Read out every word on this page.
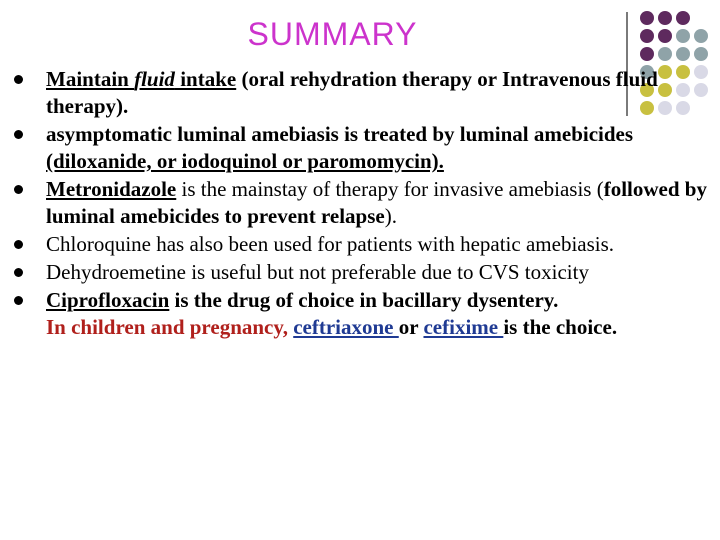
SUMMARY
Maintain fluid intake (oral rehydration therapy or Intravenous fluid therapy).
asymptomatic luminal amebiasis is treated by luminal amebicides (diloxanide, or iodoquinol or paromomycin).
Metronidazole is the mainstay of therapy for invasive amebiasis (followed by luminal amebicides to prevent relapse).
Chloroquine has also been used for patients with hepatic amebiasis.
Dehydroemetine is useful but not preferable due to CVS toxicity
Ciprofloxacin is the drug of choice in bacillary dysentery.
In children and pregnancy, ceftriaxone or cefixime is the choice.
